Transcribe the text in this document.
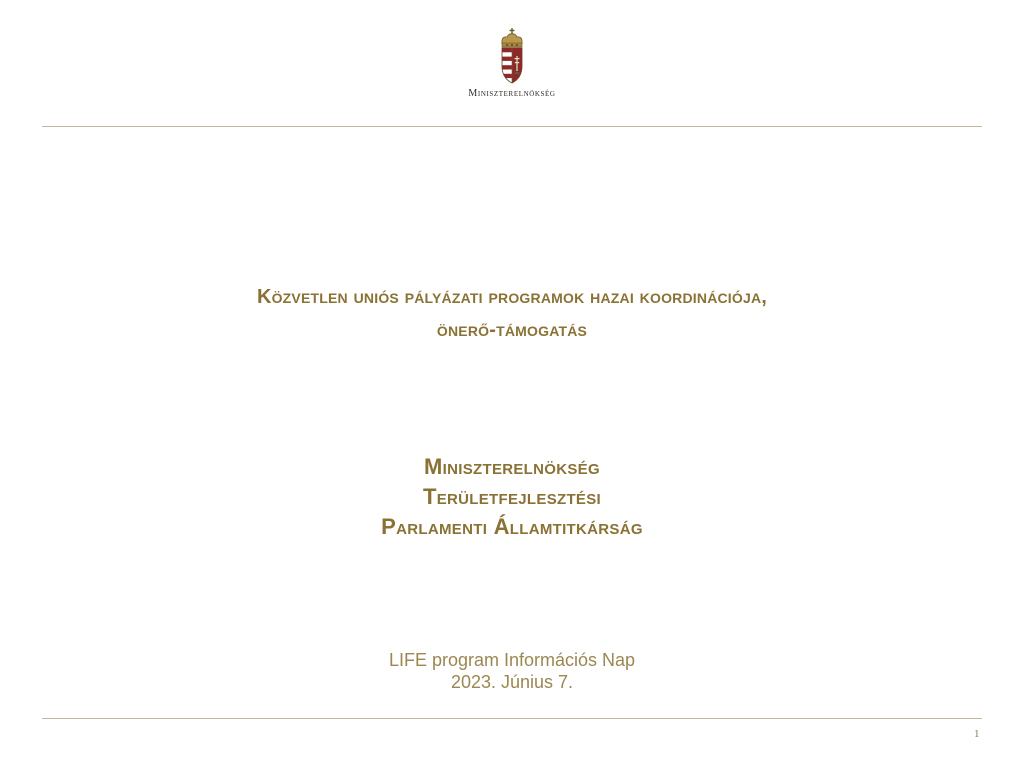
Miniszterelnökség
Közvetlen uniós pályázati programok hazai koordinációja,
önerő-támogatás
Miniszterelnökség
Területfejlesztési
Parlamenti Államtitkárság
LIFE program Információs Nap
2023. Június 7.
1
